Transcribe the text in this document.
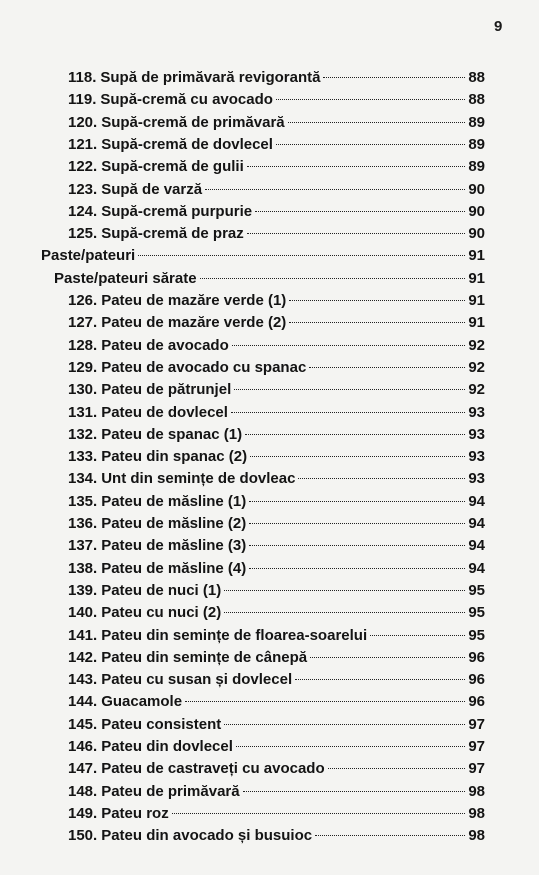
9
118. Supă de primăvară revigorantă	88
119. Supă-cremă cu avocado	88
120. Supă-cremă de primăvară	89
121. Supă-cremă de dovlecel	89
122. Supă-cremă de gulii	89
123. Supă de varză	90
124. Supă-cremă purpurie	90
125. Supă-cremă de praz	90
Paste/pateuri	91
Paste/pateuri sărate	91
126. Pateu de mazăre verde (1)	91
127. Pateu de mazăre verde (2)	91
128. Pateu de avocado	92
129. Pateu de avocado cu spanac	92
130. Pateu de pătrunjel	92
131. Pateu de dovlecel	93
132. Pateu de spanac (1)	93
133. Pateu din spanac (2)	93
134. Unt din semințe de dovleac	93
135. Pateu de măsline (1)	94
136. Pateu de măsline (2)	94
137. Pateu de măsline (3)	94
138. Pateu de măsline (4)	94
139. Pateu de nuci (1)	95
140. Pateu cu nuci (2)	95
141. Pateu din semințe de floarea-soarelui	95
142. Pateu din semințe de cânepă	96
143. Pateu cu susan și dovlecel	96
144. Guacamole	96
145. Pateu consistent	97
146. Pateu din dovlecel	97
147. Pateu de castraveți cu avocado	97
148. Pateu de primăvară	98
149. Pateu roz	98
150. Pateu din avocado și busuioc	98
